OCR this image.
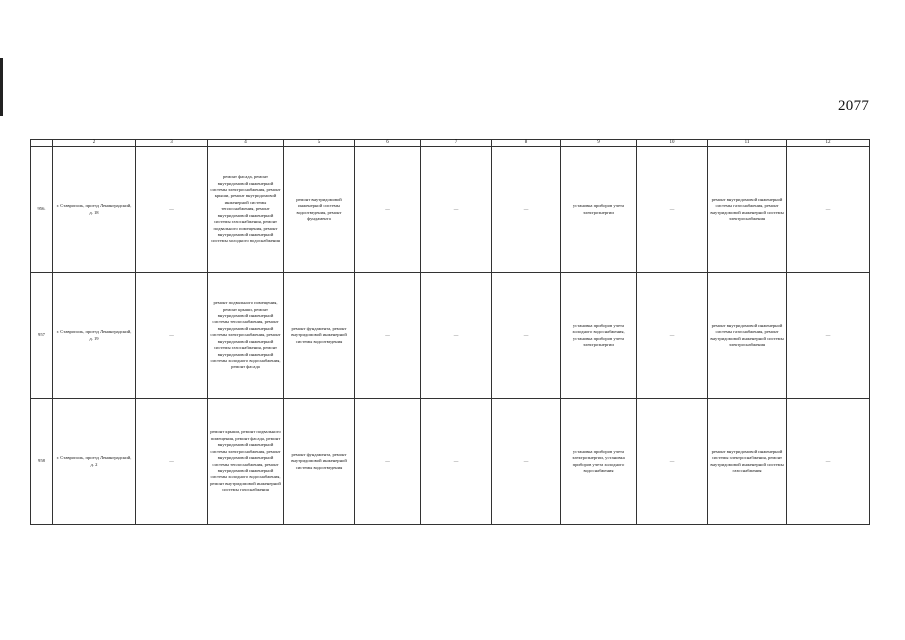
2077
	2	3	4	5	6	7	8	9	10	11	12
956.	г. Ставрополь, проезд Ленинградский, д. 18	—	ремонт фасада, ремонт внутридомовой инженерной системы электроснабжения, ремонт крыши, ремонт внутридомовой инженерной системы теплоснабжения, ремонт внутридомовой инженерной системы газоснабжения, ремонт подвального помещения, ремонт внутридомовой инженерной системы холодного водоснабжения	ремонт внутридомовой инженерной системы водоотведения, ремонт фундамента	—	—	—	установка приборов учета электроэнергии	—	ремонт внутридомовой инженерной системы газоснабжения, ремонт внутридомовой инженерной системы электроснабжения	—
957	г. Ставрополь, проезд Ленинградский, д. 19	—	ремонт подвального помещения, ремонт крыши, ремонт внутридомовой инженерной системы теплоснабжения, ремонт внутридомовой инженерной системы электроснабжения, ремонт внутридомовой инженерной системы газоснабжения, ремонт внутридомовой инженерной системы холодного водоснабжения, ремонт фасада	ремонт фундамента, ремонт внутридомовой инженерной системы водоотведения	—	—	—	установка приборов учета холодного водоснабжения, установка приборов учета электроэнергии	—	ремонт внутридомовой инженерной системы газоснабжения, ремонт внутридомовой инженерной системы электроснабжения	—
958	г. Ставрополь, проезд Ленинградский, д. 2	—	ремонт крыши, ремонт подвального помещения, ремонт фасада, ремонт внутридомовой инженерной системы электроснабжения, ремонт внутридомовой инженерной системы теплоснабжения, ремонт внутридомовой инженерной системы холодного водоснабжения, ремонт внутридомовой инженерной системы газоснабжения	ремонт фундамента, ремонт внутридомовой инженерной системы водоотведения	—	—	—	установка приборов учета электроэнергии, установка приборов учета холодного водоснабжения	—	ремонт внутридомовой инженерной системы электроснабжения, ремонт внутридомовой инженерной системы газоснабжения	—
